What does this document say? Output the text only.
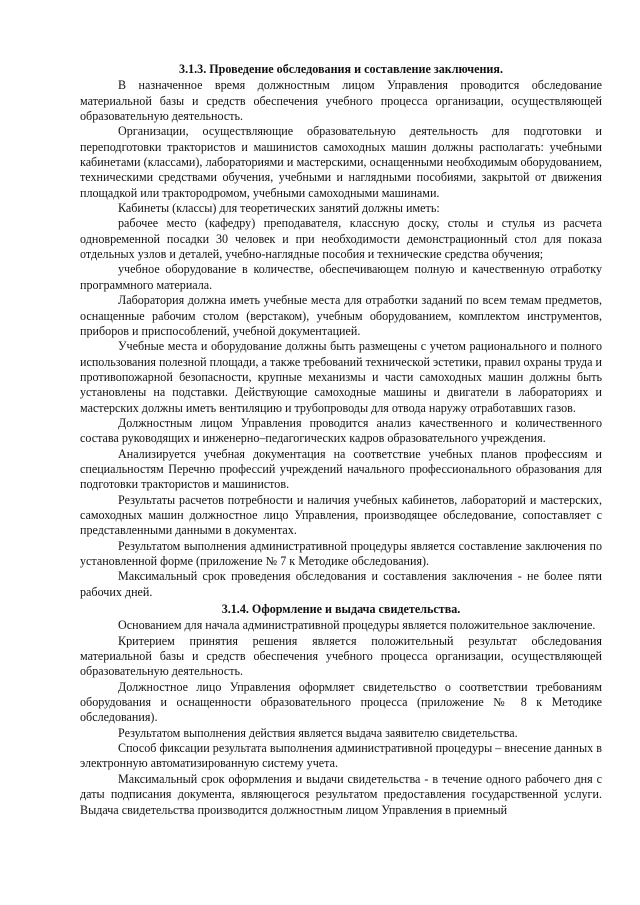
3.1.3. Проведение обследования и составление заключения.

В назначенное время должностным лицом Управления проводится обследование материальной базы и средств обеспечения учебного процесса организации, осуществляющей образовательную деятельность.

Организации, осуществляющие образовательную деятельность для подготовки и переподготовки трактористов и машинистов самоходных машин должны располагать: учебными кабинетами (классами), лабораториями и мастерскими, оснащенными необходимым оборудованием, техническими средствами обучения, учебными и наглядными пособиями, закрытой от движения площадкой или трактородромом, учебными самоходными машинами.

Кабинеты (классы) для теоретических занятий должны иметь:

рабочее место (кафедру) преподавателя, классную доску, столы и стулья из расчета одновременной посадки 30 человек и при необходимости демонстрационный стол для показа отдельных узлов и деталей, учебно-наглядные пособия и технические средства обучения;

учебное оборудование в количестве, обеспечивающем полную и качественную отработку программного материала.

Лаборатория должна иметь учебные места для отработки заданий по всем темам предметов, оснащенные рабочим столом (верстаком), учебным оборудованием, комплектом инструментов, приборов и приспособлений, учебной документацией.

Учебные места и оборудование должны быть размещены с учетом рационального и полного использования полезной площади, а также требований технической эстетики, правил охраны труда и противопожарной безопасности, крупные механизмы и части самоходных машин должны быть установлены на подставки. Действующие самоходные машины и двигатели в лабораториях и мастерских должны иметь вентиляцию и трубопроводы для отвода наружу отработавших газов.

Должностным лицом Управления проводится анализ качественного и количественного состава руководящих и инженерно–педагогических кадров образовательного учреждения.

Анализируется учебная документация на соответствие учебных планов профессиям и специальностям Перечню профессий учреждений начального профессионального образования для подготовки трактористов и машинистов.

Результаты расчетов потребности и наличия учебных кабинетов, лабораторий и мастерских, самоходных машин должностное лицо Управления, производящее обследование, сопоставляет с представленными данными в документах.

Результатом выполнения административной процедуры является составление заключения по установленной форме (приложение № 7 к Методике обследования).

Максимальный срок проведения обследования и составления заключения - не более пяти рабочих дней.

3.1.4. Оформление и выдача свидетельства.

Основанием для начала административной процедуры является положительное заключение.

Критерием принятия решения является положительный результат обследования материальной базы и средств обеспечения учебного процесса организации, осуществляющей образовательную деятельность.

Должностное лицо Управления оформляет свидетельство о соответствии требованиям оборудования и оснащенности образовательного процесса (приложение № 8 к Методике обследования).

Результатом выполнения действия является выдача заявителю свидетельства.

Способ фиксации результата выполнения административной процедуры – внесение данных в электронную автоматизированную систему учета.

Максимальный срок оформления и выдачи свидетельства - в течение одного рабочего дня с даты подписания документа, являющегося результатом предоставления государственной услуги. Выдача свидетельства производится должностным лицом Управления в приемный
